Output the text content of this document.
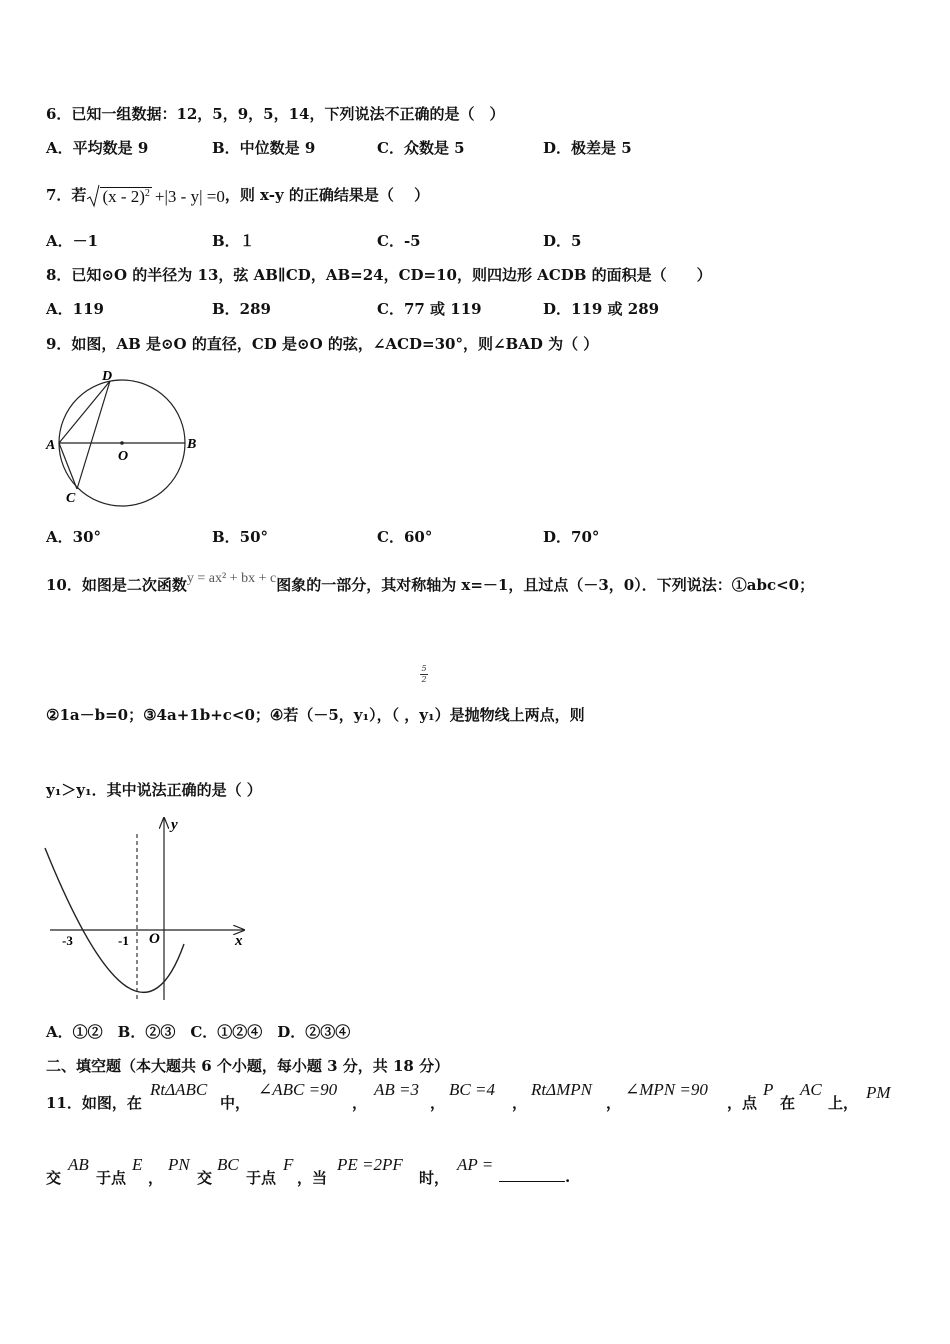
6．已知一组数据：12，5，9，5，14，下列说法不正确的是（　）
A．平均数是 9	B．中位数是 9	C．众数是 5	D．极差是 5
7．若 (x - 2)$^2$ +|3 - y| =0，则 x-y 的正确结果是（　 ）
A．－1	B．１	C．-5	D．5
8．已知⊙O 的半径为 13，弦 AB∥CD，AB=24，CD=10，则四边形 ACDB 的面积是（　　）
A．119	B．289	C．77 或 119	D．119 或 289
9．如图，AB 是⊙O 的直径，CD 是⊙O 的弦，∠ACD=30°，则∠BAD 为（ ）
D
A
O
B
C
A．30°	B．50°	C．60°	D．70°
10．如图是二次函数y = ax² + bx + c图象的一部分，其对称轴为 x=－1，且过点（－3，0）．下列说法：①abc<0；
5
2
②1a－b=0；③4a+1b+c<0；④若（－5，y₁），（ ，y₁）是抛物线上两点，则
y₁＞y₁．其中说法正确的是（ ）
y
x
-3	-1 O
A．①②　B．②③　C．①②④　D．②③④
二、填空题（本大题共 6 个小题，每小题 3 分，共 18 分）
11．如图，在
RtΔABC
中，
∠ABC =90
，
AB =3
，
BC =4
，
RtΔMPN
，
∠MPN =90
，点
P
在
AC
上，
PM
交
AB
于点
E
，
PN
交
BC
于点
F
，当
PE =2PF
时，
AP =
.
